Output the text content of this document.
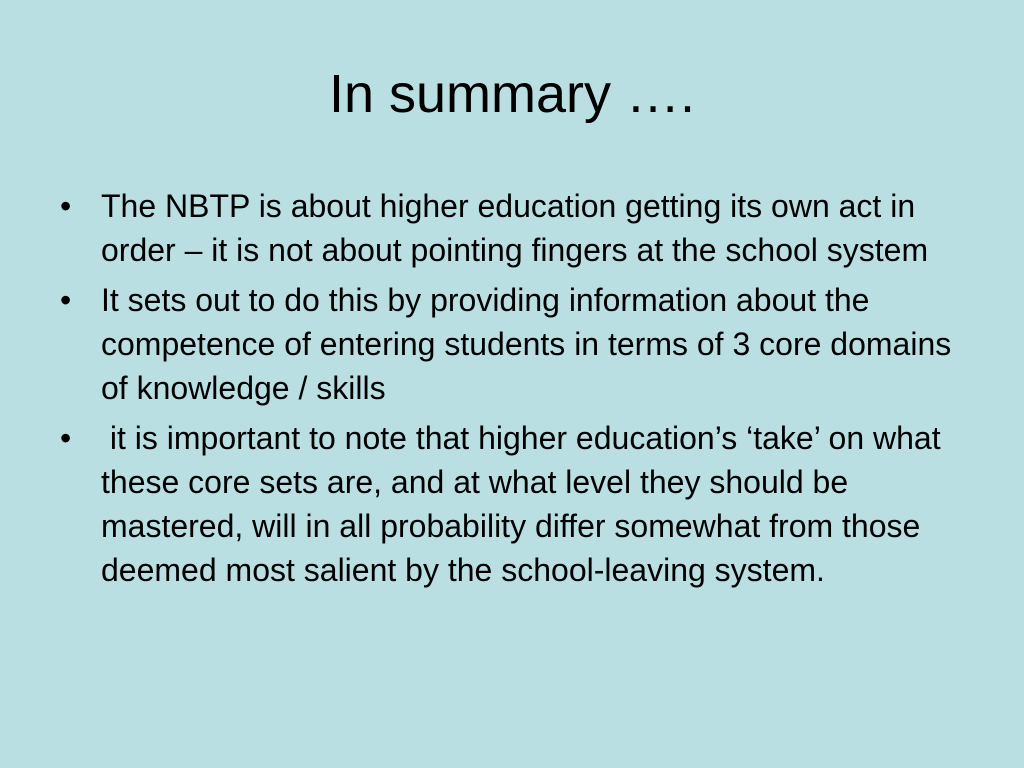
In summary ….
• The NBTP is about higher education getting its own act in order – it is not about pointing fingers at the school system
• It sets out to do this by providing information about the competence of entering students in terms of 3 core domains of knowledge / skills
• it is important to note that higher education’s ‘take’ on what these core sets are, and at what level they should be mastered, will in all probability differ somewhat from those deemed most salient by the school-leaving system.
